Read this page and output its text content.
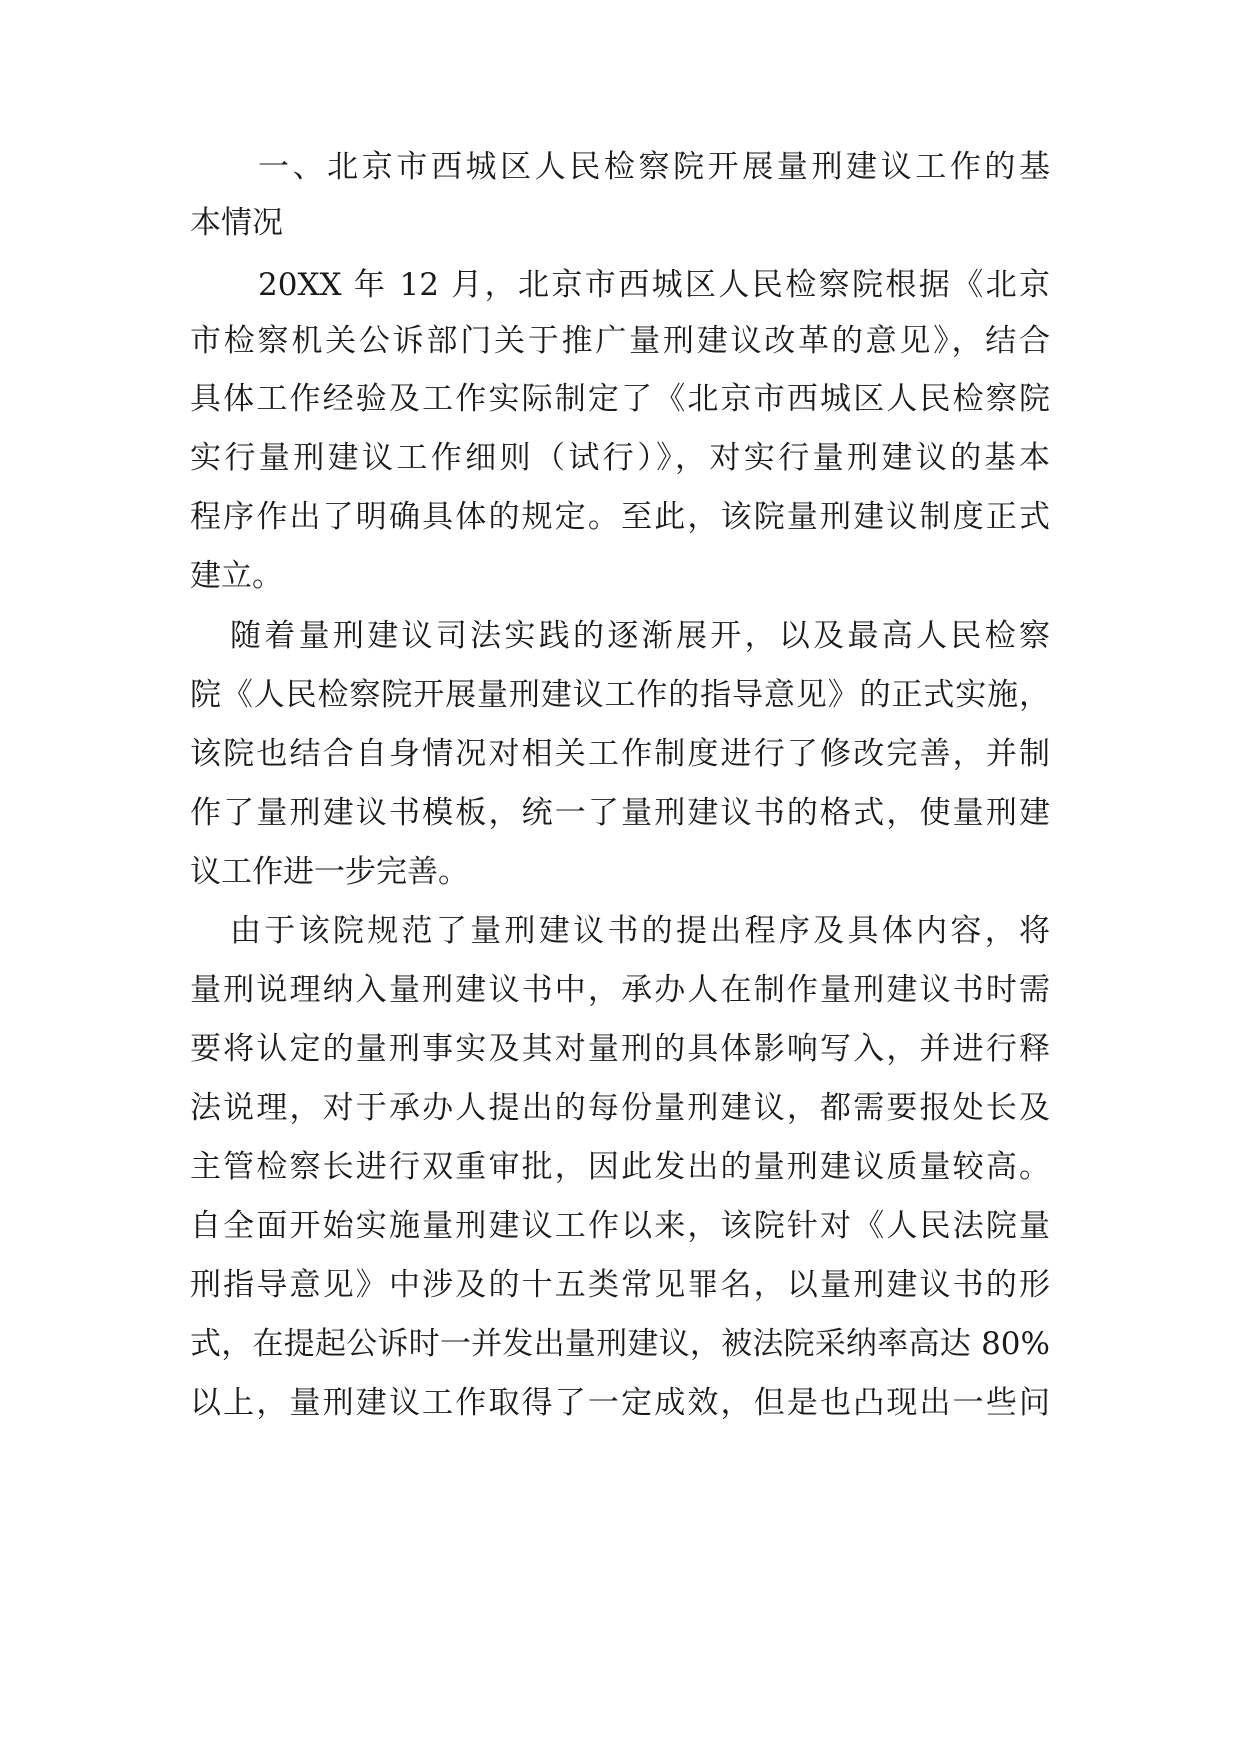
一、北京市西城区人民检察院开展量刑建议工作的基
本情况
20XX 年 12 月，北京市西城区人民检察院根据《北京
市检察机关公诉部门关于推广量刑建议改革的意见》，结合
具体工作经验及工作实际制定了《北京市西城区人民检察院
实行量刑建议工作细则（试行）》，对实行量刑建议的基本
程序作出了明确具体的规定。至此，该院量刑建议制度正式
建立。
随着量刑建议司法实践的逐渐展开，以及最高人民检察
院《人民检察院开展量刑建议工作的指导意见》的正式实施，
该院也结合自身情况对相关工作制度进行了修改完善，并制
作了量刑建议书模板，统一了量刑建议书的格式，使量刑建
议工作进一步完善。
由于该院规范了量刑建议书的提出程序及具体内容，将
量刑说理纳入量刑建议书中，承办人在制作量刑建议书时需
要将认定的量刑事实及其对量刑的具体影响写入，并进行释
法说理，对于承办人提出的每份量刑建议，都需要报处长及
主管检察长进行双重审批，因此发出的量刑建议质量较高。
自全面开始实施量刑建议工作以来，该院针对《人民法院量
刑指导意见》中涉及的十五类常见罪名，以量刑建议书的形
式，在提起公诉时一并发出量刑建议，被法院采纳率高达 80%
以上，量刑建议工作取得了一定成效，但是也凸现出一些问
